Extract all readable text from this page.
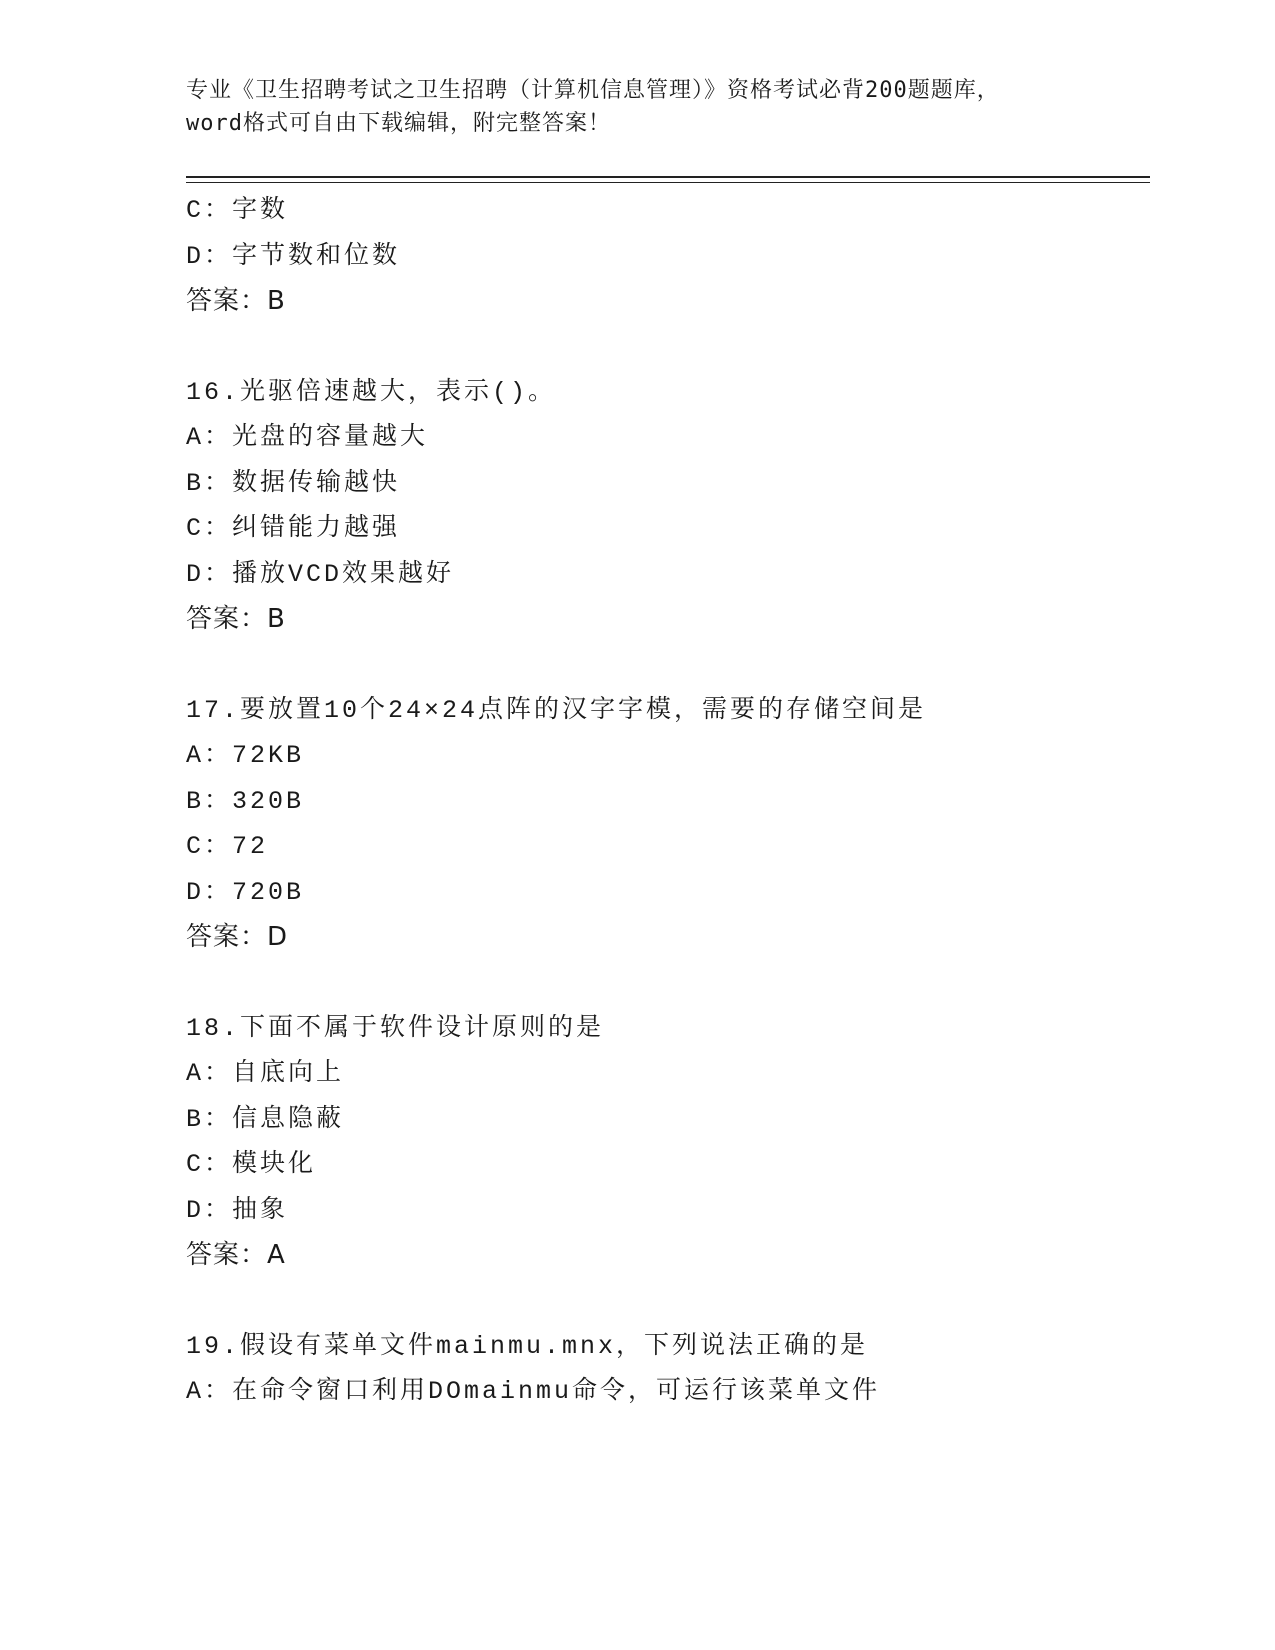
专业《卫生招聘考试之卫生招聘（计算机信息管理）》资格考试必背200题题库，
word格式可自由下载编辑，附完整答案！
C：字数
D：字节数和位数
答案：B
16.光驱倍速越大，表示()。
A：光盘的容量越大
B：数据传输越快
C：纠错能力越强
D：播放VCD效果越好
答案：B
17.要放置10个24×24点阵的汉字字模，需要的存储空间是
A：72KB
B：320B
C：72
D：720B
答案：D
18.下面不属于软件设计原则的是
A：自底向上
B：信息隐蔽
C：模块化
D：抽象
答案：A
19.假设有菜单文件mainmu.mnx，下列说法正确的是
A：在命令窗口利用DOmainmu命令，可运行该菜单文件
